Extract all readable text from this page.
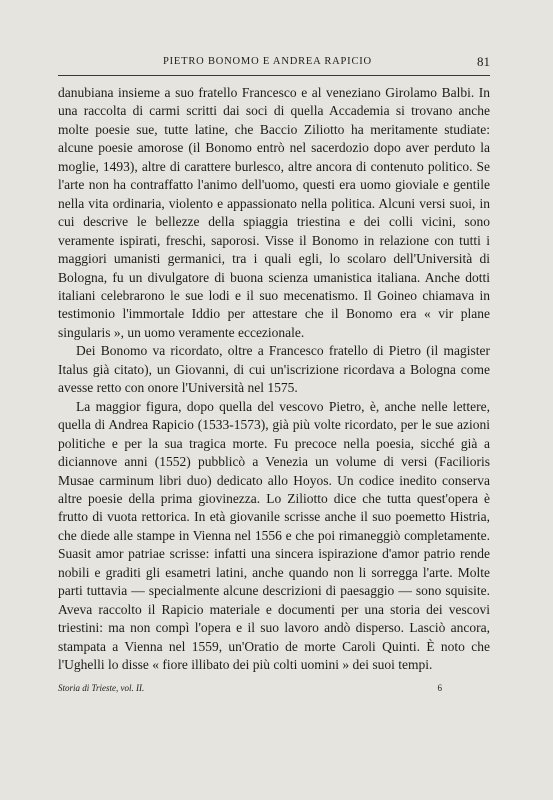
PIETRO BONOMO E ANDREA RAPICIO	81

danubiana insieme a suo fratello Francesco e al veneziano Girolamo Balbi. In una raccolta di carmi scritti dai soci di quella Accademia si trovano anche molte poesie sue, tutte latine, che Baccio Ziliotto ha meritamente studiate: alcune poesie amorose (il Bonomo entrò nel sacerdozio dopo aver perduto la moglie, 1493), altre di carattere burlesco, altre ancora di contenuto politico. Se l'arte non ha contraffatto l'animo dell'uomo, questi era uomo gioviale e gentile nella vita ordinaria, violento e appassionato nella politica. Alcuni versi suoi, in cui descrive le bellezze della spiaggia triestina e dei colli vicini, sono veramente ispirati, freschi, saporosi. Visse il Bonomo in relazione con tutti i maggiori umanisti germanici, tra i quali egli, lo scolaro dell'Università di Bologna, fu un divulgatore di buona scienza umanistica italiana. Anche dotti italiani celebrarono le sue lodi e il suo mecenatismo. Il Goineo chiamava in testimonio l'immortale Iddio per attestare che il Bonomo era « vir plane singularis », un uomo veramente eccezionale.

Dei Bonomo va ricordato, oltre a Francesco fratello di Pietro (il magister Italus già citato), un Giovanni, di cui un'iscrizione ricordava a Bologna come avesse retto con onore l'Università nel 1575.

La maggior figura, dopo quella del vescovo Pietro, è, anche nelle lettere, quella di Andrea Rapicio (1533-1573), già più volte ricordato, per le sue azioni politiche e per la sua tragica morte. Fu precoce nella poesia, sicché già a diciannove anni (1552) pubblicò a Venezia un volume di versi (Facilioris Musae carminum libri duo) dedicato allo Hoyos. Un codice inedito conserva altre poesie della prima giovinezza. Lo Ziliotto dice che tutta quest'opera è frutto di vuota rettorica. In età giovanile scrisse anche il suo poemetto Histria, che diede alle stampe in Vienna nel 1556 e che poi rimaneggiò completamente. Suasit amor patriae scrisse: infatti una sincera ispirazione d'amor patrio rende nobili e graditi gli esametri latini, anche quando non li sorregga l'arte. Molte parti tuttavia — specialmente alcune descrizioni di paesaggio — sono squisite. Aveva raccolto il Rapicio materiale e documenti per una storia dei vescovi triestini: ma non compì l'opera e il suo lavoro andò disperso. Lasciò ancora, stampata a Vienna nel 1559, un'Oratio de morte Caroli Quinti. È noto che l'Ughelli lo disse « fiore illibato dei più colti uomini » dei suoi tempi.

Storia di Trieste, vol. II.	6
